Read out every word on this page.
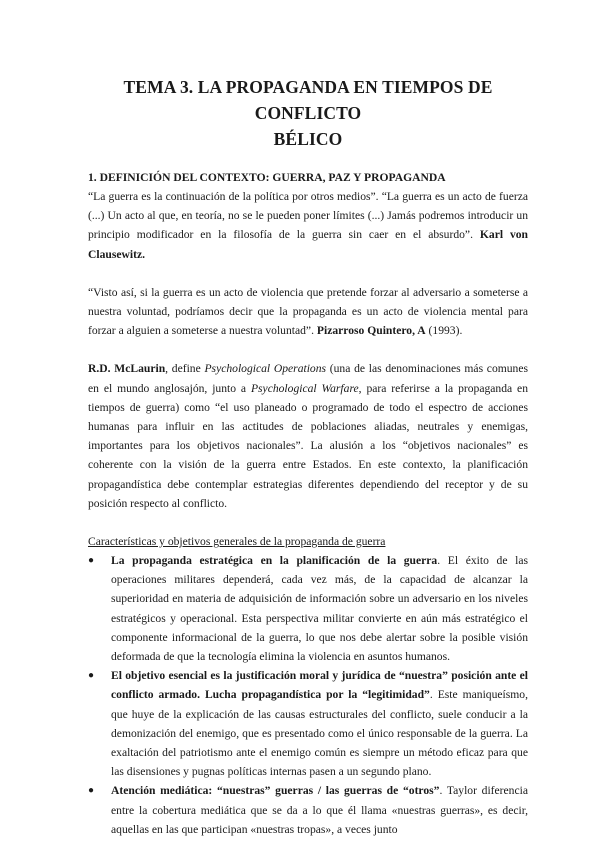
TEMA 3. LA PROPAGANDA EN TIEMPOS DE CONFLICTO
BÉLICO
1. DEFINICIÓN DEL CONTEXTO: GUERRA, PAZ Y PROPAGANDA

“La guerra es la continuación de la política por otros medios”. “La guerra es un acto de fuerza (...) Un acto al que, en teoría, no se le pueden poner límites (...) Jamás podremos introducir un principio modificador en la filosofía de la guerra sin caer en el absurdo”. Karl von Clausewitz.

“Visto así, si la guerra es un acto de violencia que pretende forzar al adversario a someterse a nuestra voluntad, podríamos decir que la propaganda es un acto de violencia mental para forzar a alguien a someterse a nuestra voluntad”. Pizarroso Quintero, A (1993).

R.D. McLaurin, define Psychological Operations (una de las denominaciones más comunes en el mundo anglosajón, junto a Psychological Warfare, para referirse a la propaganda en tiempos de guerra) como “el uso planeado o programado de todo el espectro de acciones humanas para influir en las actitudes de poblaciones aliadas, neutrales y enemigas, importantes para los objetivos nacionales”. La alusión a los “objetivos nacionales” es coherente con la visión de la guerra entre Estados. En este contexto, la planificación propagandística debe contemplar estrategias diferentes dependiendo del receptor y de su posición respecto al conflicto.

Características y objetivos generales de la propaganda de guerra
● La propaganda estratégica en la planificación de la guerra. El éxito de las operaciones militares dependerá, cada vez más, de la capacidad de alcanzar la superioridad en materia de adquisición de información sobre un adversario en los niveles estratégicos y operacional. Esta perspectiva militar convierte en aún más estratégico el componente informacional de la guerra, lo que nos debe alertar sobre la posible visión deformada de que la tecnología elimina la violencia en asuntos humanos.
● El objetivo esencial es la justificación moral y jurídica de “nuestra” posición ante el conflicto armado. Lucha propagandística por la “legitimidad”. Este maniqueísmo, que huye de la explicación de las causas estructurales del conflicto, suele conducir a la demonización del enemigo, que es presentado como el único responsable de la guerra. La exaltación del patriotismo ante el enemigo común es siempre un método eficaz para que las disensiones y pugnas políticas internas pasen a un segundo plano.
● Atención mediática: “nuestras” guerras / las guerras de “otros”. Taylor diferencia entre la cobertura mediática que se da a lo que él llama «nuestras guerras», es decir, aquellas en las que participan «nuestras tropas», a veces junto
